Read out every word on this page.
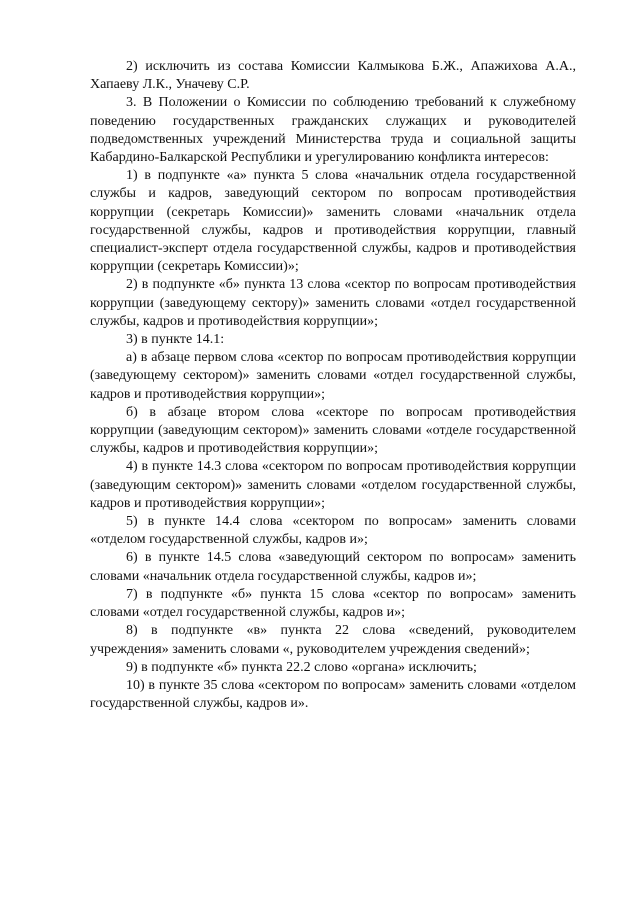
2) исключить из состава Комиссии Калмыкова Б.Ж., Апажихова А.А., Хапаеву Л.К., Уначеву С.Р.

3. В Положении о Комиссии по соблюдению требований к служебному поведению государственных гражданских служащих и руководителей подведомственных учреждений Министерства труда и социальной защиты Кабардино-Балкарской Республики и урегулированию конфликта интересов:

1) в подпункте «а» пункта 5 слова «начальник отдела государственной службы и кадров, заведующий сектором по вопросам противодействия коррупции (секретарь Комиссии)» заменить словами «начальник отдела государственной службы, кадров и противодействия коррупции, главный специалист-эксперт отдела государственной службы, кадров и противодействия коррупции (секретарь Комиссии)»;

2) в подпункте «б» пункта 13 слова «сектор по вопросам противодействия коррупции (заведующему сектору)» заменить словами «отдел государственной службы, кадров и противодействия коррупции»;

3) в пункте 14.1:

а) в абзаце первом слова «сектор по вопросам противодействия коррупции (заведующему сектором)» заменить словами «отдел государственной службы, кадров и противодействия коррупции»;

б) в абзаце втором слова «секторе по вопросам противодействия коррупции (заведующим сектором)» заменить словами «отделе государственной службы, кадров и противодействия коррупции»;

4) в пункте 14.3 слова «сектором по вопросам противодействия коррупции (заведующим сектором)» заменить словами «отделом государственной службы, кадров и противодействия коррупции»;

5) в пункте 14.4 слова «сектором по вопросам» заменить словами «отделом государственной службы, кадров и»;

6) в пункте 14.5 слова «заведующий сектором по вопросам» заменить словами «начальник отдела государственной службы, кадров и»;

7) в подпункте «б» пункта 15 слова «сектор по вопросам» заменить словами «отдел государственной службы, кадров и»;

8) в подпункте «в» пункта 22 слова «сведений, руководителем учреждения» заменить словами «, руководителем учреждения сведений»;

9) в подпункте «б» пункта 22.2 слово «органа» исключить;

10) в пункте 35 слова «сектором по вопросам» заменить словами «отделом государственной службы, кадров и».
